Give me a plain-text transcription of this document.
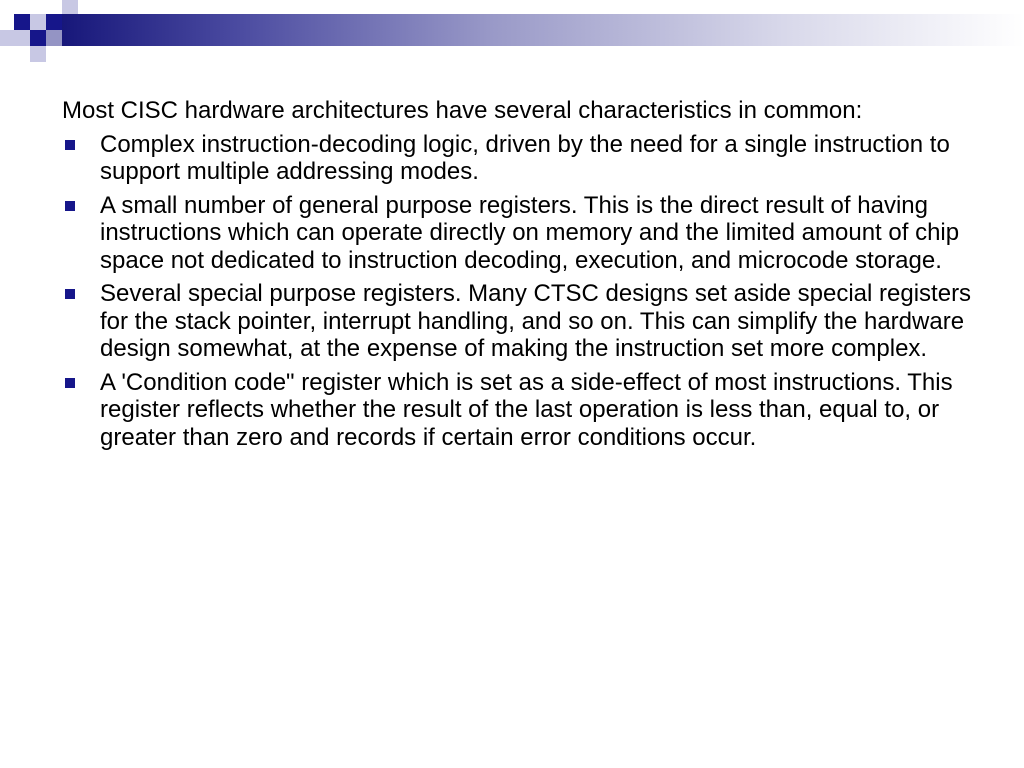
Most CISC hardware architectures have several characteristics in common:

Complex instruction-decoding logic, driven by the need for a single instruction to support multiple addressing modes.
A small number of general purpose registers. This is the direct result of having instructions which can operate directly on memory and the limited amount of chip space not dedicated to instruction decoding, execution, and microcode storage.
Several special purpose registers. Many CTSC designs set aside special registers for the stack pointer, interrupt handling, and so on. This can simplify the hardware design somewhat, at the expense of making the instruction set more complex.
A 'Condition code" register which is set as a side-effect of most instructions. This register reflects whether the result of the last operation is less than, equal to, or greater than zero and records if certain error conditions occur.
